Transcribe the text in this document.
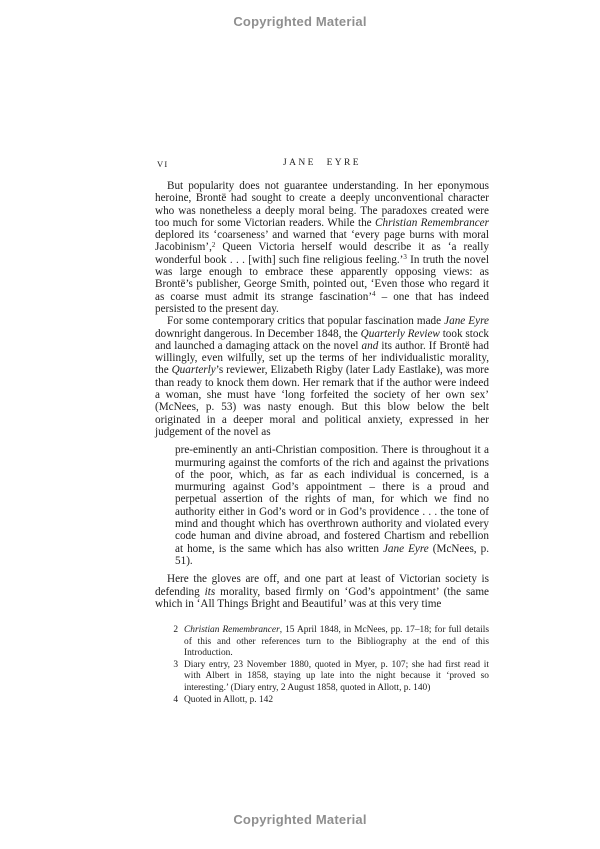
Copyrighted Material
VI	JANE EYRE

But popularity does not guarantee understanding. In her eponymous heroine, Brontë had sought to create a deeply unconventional character who was nonetheless a deeply moral being. The paradoxes created were too much for some Victorian readers. While the Christian Remembrancer deplored its ‘coarseness’ and warned that ‘every page burns with moral Jacobinism’,$^2$ Queen Victoria herself would describe it as ‘a really wonderful book . . . [with] such fine religious feeling.’$^3$ In truth the novel was large enough to embrace these apparently opposing views: as Brontë’s publisher, George Smith, pointed out, ‘Even those who regard it as coarse must admit its strange fascination’$^4$ – one that has indeed persisted to the present day.

For some contemporary critics that popular fascination made Jane Eyre downright dangerous. In December 1848, the Quarterly Review took stock and launched a damaging attack on the novel and its author. If Brontë had willingly, even wilfully, set up the terms of her individualistic morality, the Quarterly’s reviewer, Elizabeth Rigby (later Lady Eastlake), was more than ready to knock them down. Her remark that if the author were indeed a woman, she must have ‘long forfeited the society of her own sex’ (McNees, p. 53) was nasty enough. But this blow below the belt originated in a deeper moral and political anxiety, expressed in her judgement of the novel as

pre-eminently an anti-Christian composition. There is throughout it a murmuring against the comforts of the rich and against the privations of the poor, which, as far as each individual is concerned, is a murmuring against God’s appointment – there is a proud and perpetual assertion of the rights of man, for which we find no authority either in God’s word or in God’s providence . . . the tone of mind and thought which has overthrown authority and violated every code human and divine abroad, and fostered Chartism and rebellion at home, is the same which has also written Jane Eyre (McNees, p. 51).

Here the gloves are off, and one part at least of Victorian society is defending its morality, based firmly on ‘God’s appointment’ (the same which in ‘All Things Bright and Beautiful’ was at this very time

2 Christian Remembrancer, 15 April 1848, in McNees, pp. 17–18; for full details of this and other references turn to the Bibliography at the end of this Introduction.
3 Diary entry, 23 November 1880, quoted in Myer, p. 107; she had first read it with Albert in 1858, staying up late into the night because it ‘proved so interesting.’ (Diary entry, 2 August 1858, quoted in Allott, p. 140)
4 Quoted in Allott, p. 142
Copyrighted Material
